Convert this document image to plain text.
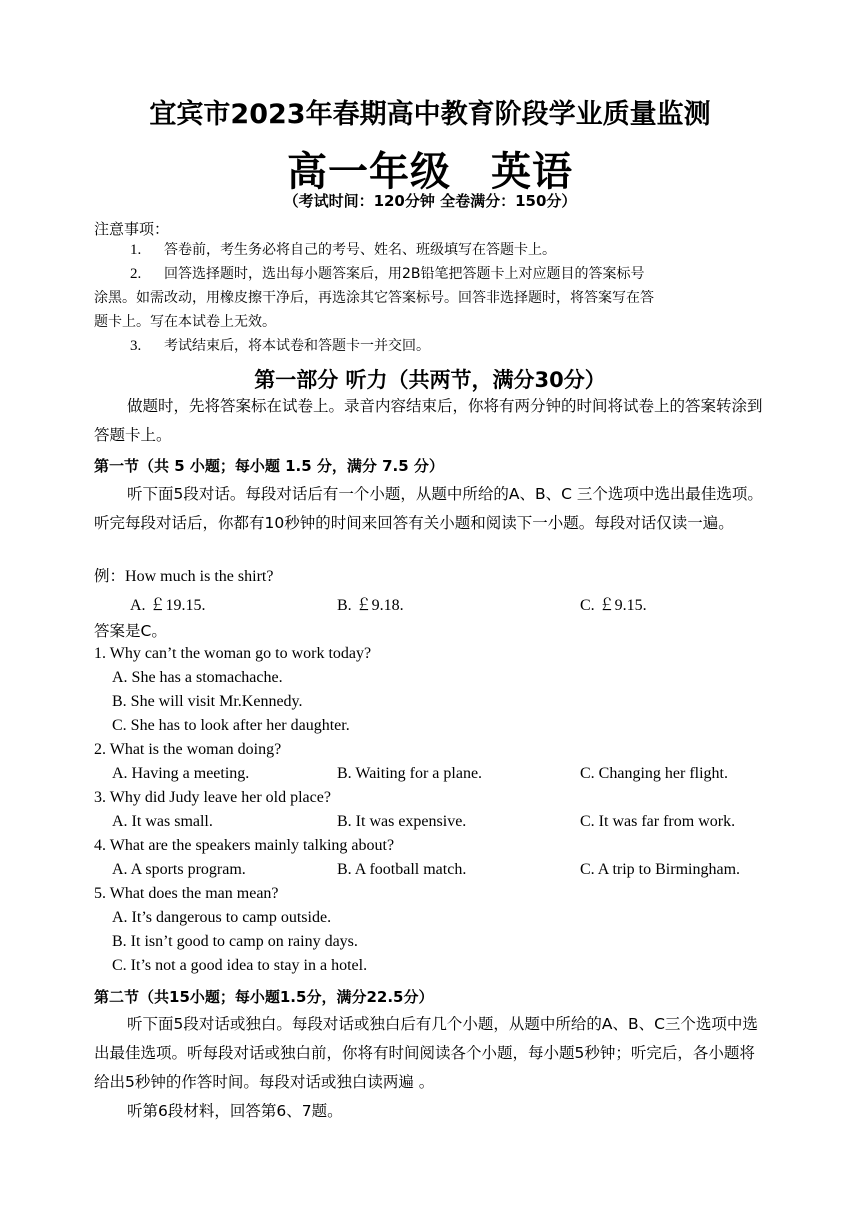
宜宾市2023年春期高中教育阶段学业质量监测
高一年级 英语
（考试时间：120分钟 全卷满分：150分）
注意事项：
1. 答卷前，考生务必将自己的考号、姓名、班级填写在答题卡上。
2. 回答选择题时，选出每小题答案后，用2B铅笔把答题卡上对应题目的答案标号
涂黑。如需改动，用橡皮擦干净后，再选涂其它答案标号。回答非选择题时，将答案写在答
题卡上。写在本试卷上无效。
3. 考试结束后，将本试卷和答题卡一并交回。
第一部分 听力（共两节，满分30分）
做题时，先将答案标在试卷上。录音内容结束后，你将有两分钟的时间将试卷上的答案转涂到答题卡上。
第一节（共 5 小题；每小题 1.5 分，满分 7.5 分）
听下面5段对话。每段对话后有一个小题，从题中所给的A、B、C 三个选项中选出最佳选项。听完每段对话后，你都有10秒钟的时间来回答有关小题和阅读下一小题。每段对话仅读一遍。
例：How much is the shirt?
A. ￡19.15.	B. ￡9.18.	C. ￡9.15.
答案是C。
1. Why can’t the woman go to work today?
A. She has a stomachache.
B. She will visit Mr.Kennedy.
C. She has to look after her daughter.
2. What is the woman doing?
A. Having a meeting.	B. Waiting for a plane.	C. Changing her flight.
3. Why did Judy leave her old place?
A. It was small.	B. It was expensive.	C. It was far from work.
4. What are the speakers mainly talking about?
A. A sports program.	B. A football match.	C. A trip to Birmingham.
5. What does the man mean?
A. It’s dangerous to camp outside.
B. It isn’t good to camp on rainy days.
C. It’s not a good idea to stay in a hotel.
第二节（共15小题；每小题1.5分，满分22.5分）
听下面5段对话或独白。每段对话或独白后有几个小题，从题中所给的A、B、C三个选项中选出最佳选项。听每段对话或独白前，你将有时间阅读各个小题，每小题5秒钟；听完后，各小题将给出5秒钟的作答时间。每段对话或独白读两遍 。
听第6段材料，回答第6、7题。
